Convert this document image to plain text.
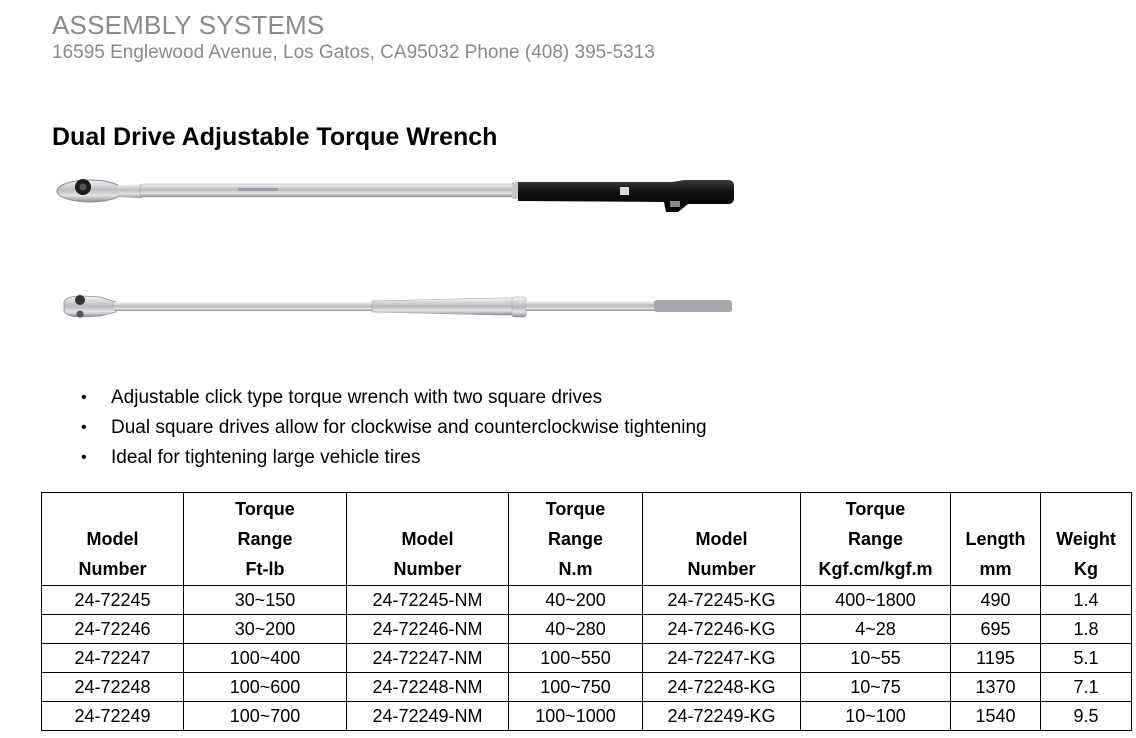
ASSEMBLY SYSTEMS
16595 Englewood Avenue, Los Gatos, CA95032 Phone (408) 395-5313
Dual Drive Adjustable Torque Wrench
• Adjustable click type torque wrench with two square drives
• Dual square drives allow for clockwise and counterclockwise tightening
• Ideal for tightening large vehicle tires

Model
Number	Torque
Range
Ft-lb	Model
Number	Torque
Range
N.m	Model
Number	Torque
Range
Kgf.cm/kgf.m	Length
mm	Weight
Kg
24-72245	30~150	24-72245-NM	40~200	24-72245-KG	400~1800	490	1.4
24-72246	30~200	24-72246-NM	40~280	24-72246-KG	4~28	695	1.8
24-72247	100~400	24-72247-NM	100~550	24-72247-KG	10~55	1195	5.1
24-72248	100~600	24-72248-NM	100~750	24-72248-KG	10~75	1370	7.1
24-72249	100~700	24-72249-NM	100~1000	24-72249-KG	10~100	1540	9.5
